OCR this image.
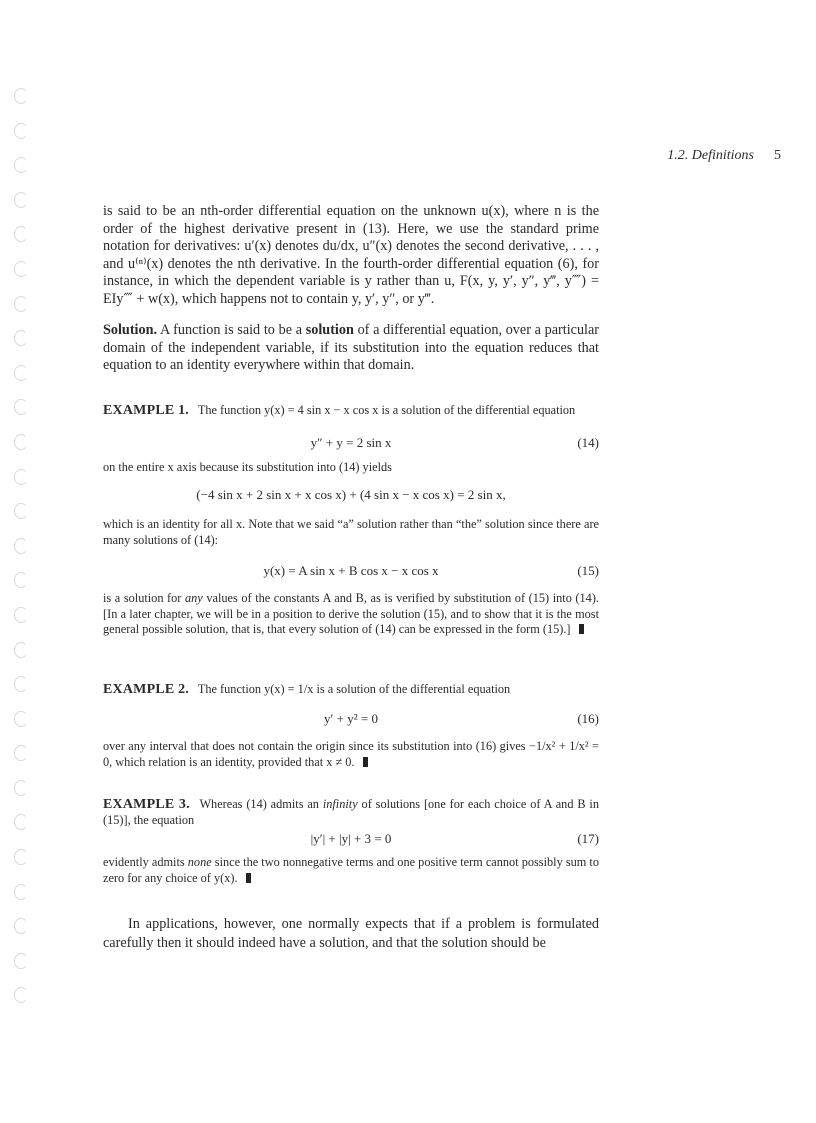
1.2. Definitions 5

is said to be an nth-order differential equation on the unknown u(x), where n is the order of the highest derivative present in (13). Here, we use the standard prime notation for derivatives: u′(x) denotes du/dx, u″(x) denotes the second derivative, . . . , and u⁽ⁿ⁾(x) denotes the nth derivative. In the fourth-order differential equation (6), for instance, in which the dependent variable is y rather than u, F(x, y, y′, y″, y‴, y⁗) = EIy⁗ + w(x), which happens not to contain y, y′, y″, or y‴.

Solution. A function is said to be a solution of a differential equation, over a particular domain of the independent variable, if its substitution into the equation reduces that equation to an identity everywhere within that domain.

EXAMPLE 1. The function y(x) = 4 sin x − x cos x is a solution of the differential equation

y″ + y = 2 sin x	(14)

on the entire x axis because its substitution into (14) yields

(−4 sin x + 2 sin x + x cos x) + (4 sin x − x cos x) = 2 sin x,

which is an identity for all x. Note that we said “a” solution rather than “the” solution since there are many solutions of (14):

y(x) = A sin x + B cos x − x cos x	(15)

is a solution for any values of the constants A and B, as is verified by substitution of (15) into (14). [In a later chapter, we will be in a position to derive the solution (15), and to show that it is the most general possible solution, that is, that every solution of (14) can be expressed in the form (15).]

EXAMPLE 2. The function y(x) = 1/x is a solution of the differential equation

y′ + y² = 0	(16)

over any interval that does not contain the origin since its substitution into (16) gives −1/x² + 1/x² = 0, which relation is an identity, provided that x ≠ 0.

EXAMPLE 3. Whereas (14) admits an infinity of solutions [one for each choice of A and B in (15)], the equation

|y′| + |y| + 3 = 0	(17)

evidently admits none since the two nonnegative terms and one positive term cannot possibly sum to zero for any choice of y(x).

In applications, however, one normally expects that if a problem is formulated carefully then it should indeed have a solution, and that the solution should be
